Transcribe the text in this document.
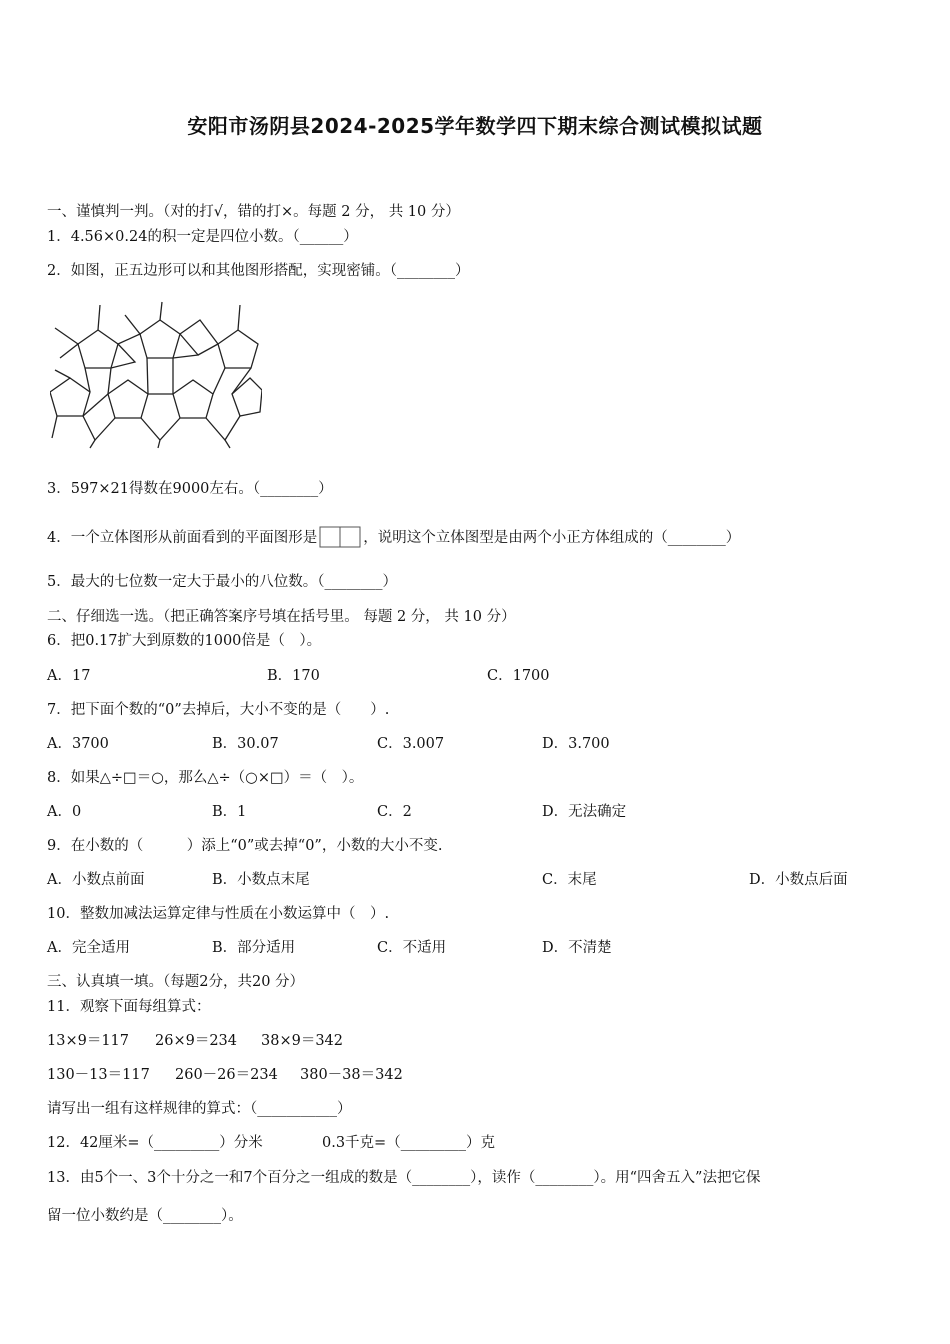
安阳市汤阴县2024-2025学年数学四下期末综合测试模拟试题
一、谨慎判一判。（对的打√，错的打×。每题 2 分， 共 10 分）
1．4.56×0.24的积一定是四位小数。（______）
2．如图，正五边形可以和其他图形搭配，实现密铺。（________）
3．597×21得数在9000左右。（________）
4．一个立体图形从前面看到的平面图形是	，说明这个立体图型是由两个小正方体组成的（________）
5．最大的七位数一定大于最小的八位数。（________）
二、仔细选一选。（把正确答案序号填在括号里。 每题 2 分， 共 10 分）
6．把0.17扩大到原数的1000倍是（　）。
A．17	B．170	C．1700
7．把下面个数的“0”去掉后，大小不变的是（　　）.
A．3700	B．30.07	C．3.007	D．3.700
8．如果△÷□＝○，那么△÷（○×□）＝（　）。
A．0	B．1	C．2	D．无法确定
9．在小数的（　　　）添上“0”或去掉“0”，小数的大小不变.
A．小数点前面	B．小数点末尾	C．末尾	D．小数点后面
10．整数加减法运算定律与性质在小数运算中（　）.
A．完全适用	B．部分适用	C．不适用	D．不清楚
三、认真填一填。（每题2分，共20 分）
11．观察下面每组算式：
13×9＝117 26×9＝234 38×9＝342
130－13＝117 260－26＝234 380－38＝342
请写出一组有这样规律的算式：（___________）
12．42厘米=（_________）分米	0.3千克=（_________）克
13．由5个一、3个十分之一和7个百分之一组成的数是（________），读作（________）。用“四舍五入”法把它保
留一位小数约是（________）。
